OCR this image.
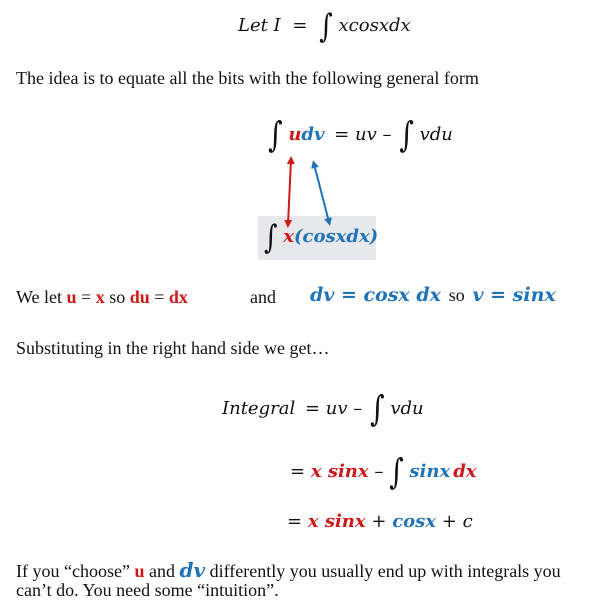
Let I = ∫ xcosxdx
The idea is to equate all the bits with the following general form
∫ udv = uv – ∫ vdu
∫ x(cosxdx)
We let u = x so du = dx	and dv = cosx dx so v = sinx
Substituting in the right hand side we get…
Integral = uv – ∫ vdu
= x sinx – ∫ sinx dx
= x sinx + cosx + c
If you “choose” u and dv differently you usually end up with integrals you
can’t do. You need some “intuition”.
